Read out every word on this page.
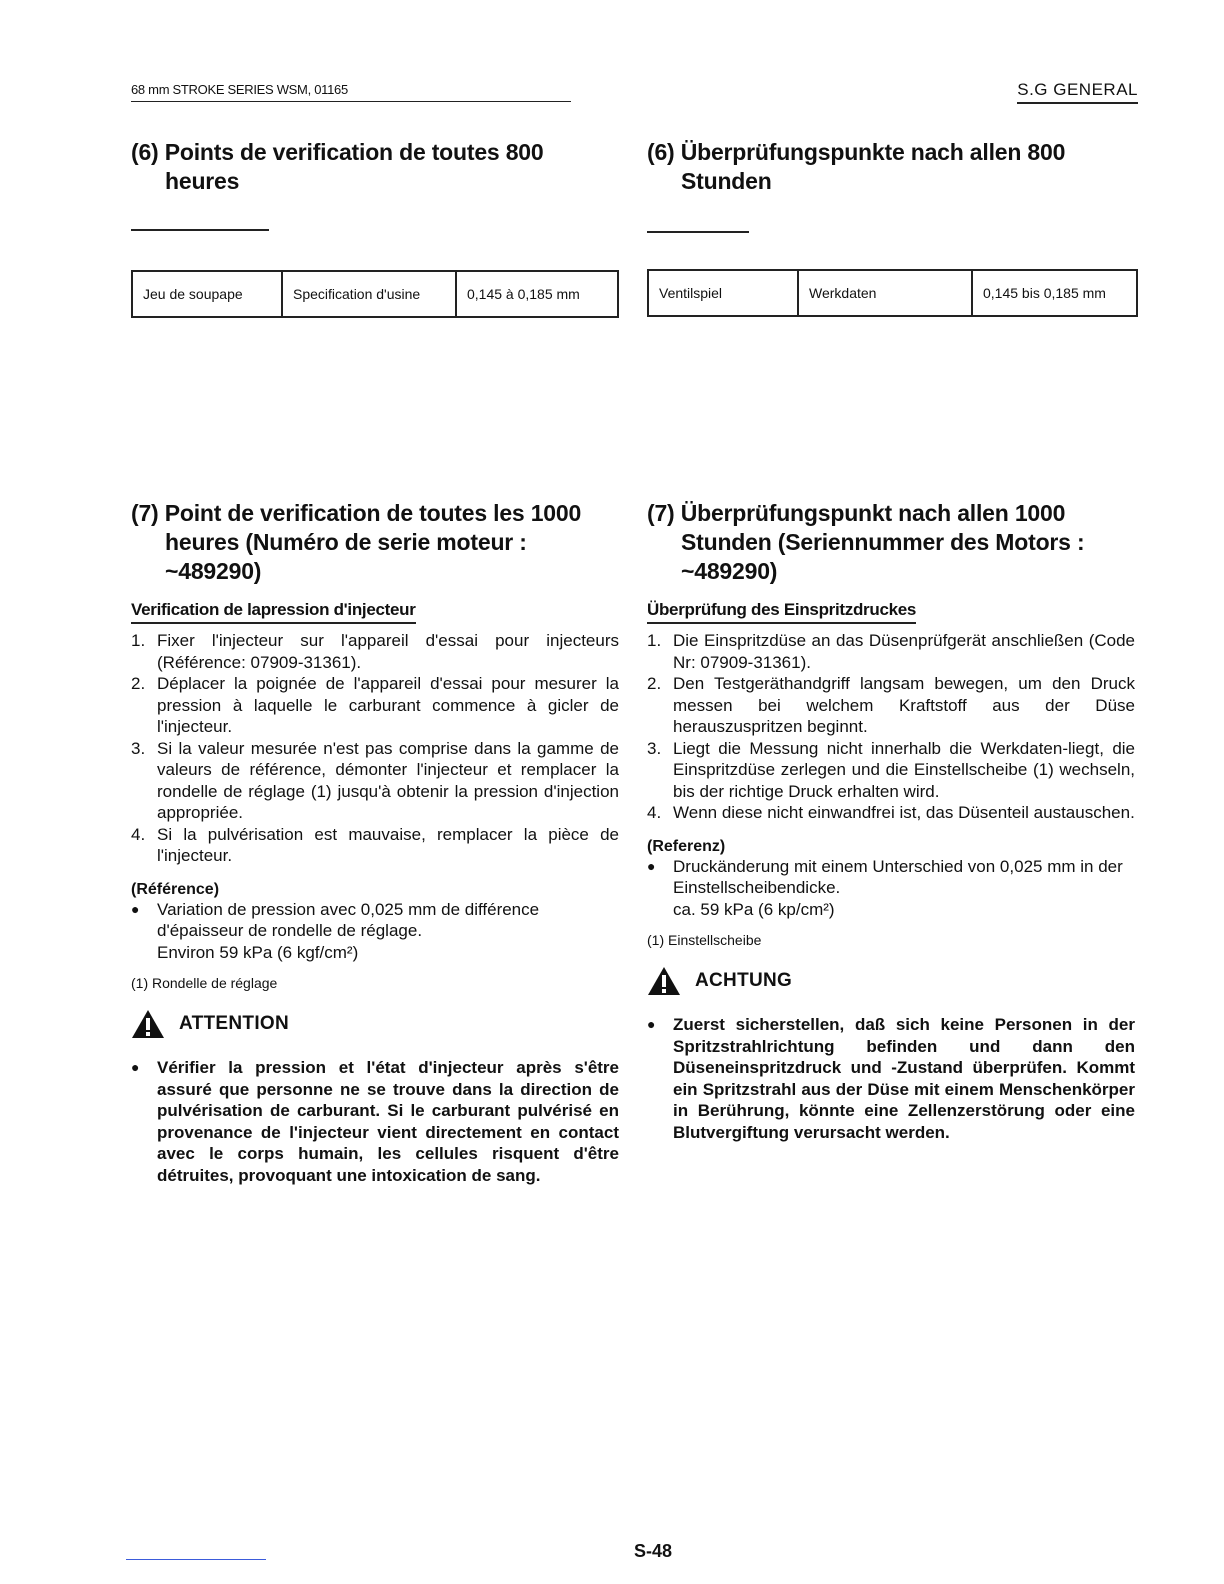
68 mm STROKE SERIES WSM, 01165	S.G GENERAL
(6) Points de verification de toutes 800
heures
Jeu de soupape	Specification d'usine	0,145 à 0,185 mm
(6) Überprüfungspunkte nach allen 800
Stunden
Ventilspiel	Werkdaten	0,145 bis 0,185 mm
(7) Point de verification de toutes les 1000
heures (Numéro de serie moteur :
~489290)
Verification de lapression d'injecteur
1. Fixer l'injecteur sur l'appareil d'essai pour injecteurs (Référence: 07909-31361).
2. Déplacer la poignée de l'appareil d'essai pour mesurer la pression à laquelle le carburant commence à gicler de l'injecteur.
3. Si la valeur mesurée n'est pas comprise dans la gamme de valeurs de référence, démonter l'injecteur et remplacer la rondelle de réglage (1) jusqu'à obtenir la pression d'injection appropriée.
4. Si la pulvérisation est mauvaise, remplacer la pièce de l'injecteur.
(Référence)
●	Variation de pression avec 0,025 mm de différence d'épaisseur de rondelle de réglage.
Environ 59 kPa (6 kgf/cm²)
(1) Rondelle de réglage
ATTENTION
●	Vérifier la pression et l'état d'injecteur après s'être assuré que personne ne se trouve dans la direction de pulvérisation de carburant. Si le carburant pulvérisé en provenance de l'injecteur vient directement en contact avec le corps humain, les cellules risquent d'être détruites, provoquant une intoxication de sang.
(7) Überprüfungspunkt nach allen 1000
Stunden (Seriennummer des Motors :
~489290)
Überprüfung des Einspritzdruckes
1. Die Einspritzdüse an das Düsenprüfgerät anschließen (Code Nr: 07909-31361).
2. Den Testgeräthandgriff langsam bewegen, um den Druck messen bei welchem Kraftstoff aus der Düse herauszuspritzen beginnt.
3. Liegt die Messung nicht innerhalb die Werkdaten-liegt, die Einspritzdüse zerlegen und die Einstellscheibe (1) wechseln, bis der richtige Druck erhalten wird.
4. Wenn diese nicht einwandfrei ist, das Düsenteil austauschen.
(Referenz)
●	Druckänderung mit einem Unterschied von 0,025 mm in der Einstellscheibendicke.
ca. 59 kPa (6 kp/cm²)
(1) Einstellscheibe
ACHTUNG
●	Zuerst sicherstellen, daß sich keine Personen in der Spritzstrahlrichtung befinden und dann den Düseneinspritzdruck und -Zustand überprüfen. Kommt ein Spritzstrahl aus der Düse mit einem Menschenkörper in Berührung, könnte eine Zellenzerstörung oder eine Blutvergiftung verursacht werden.
S-48
